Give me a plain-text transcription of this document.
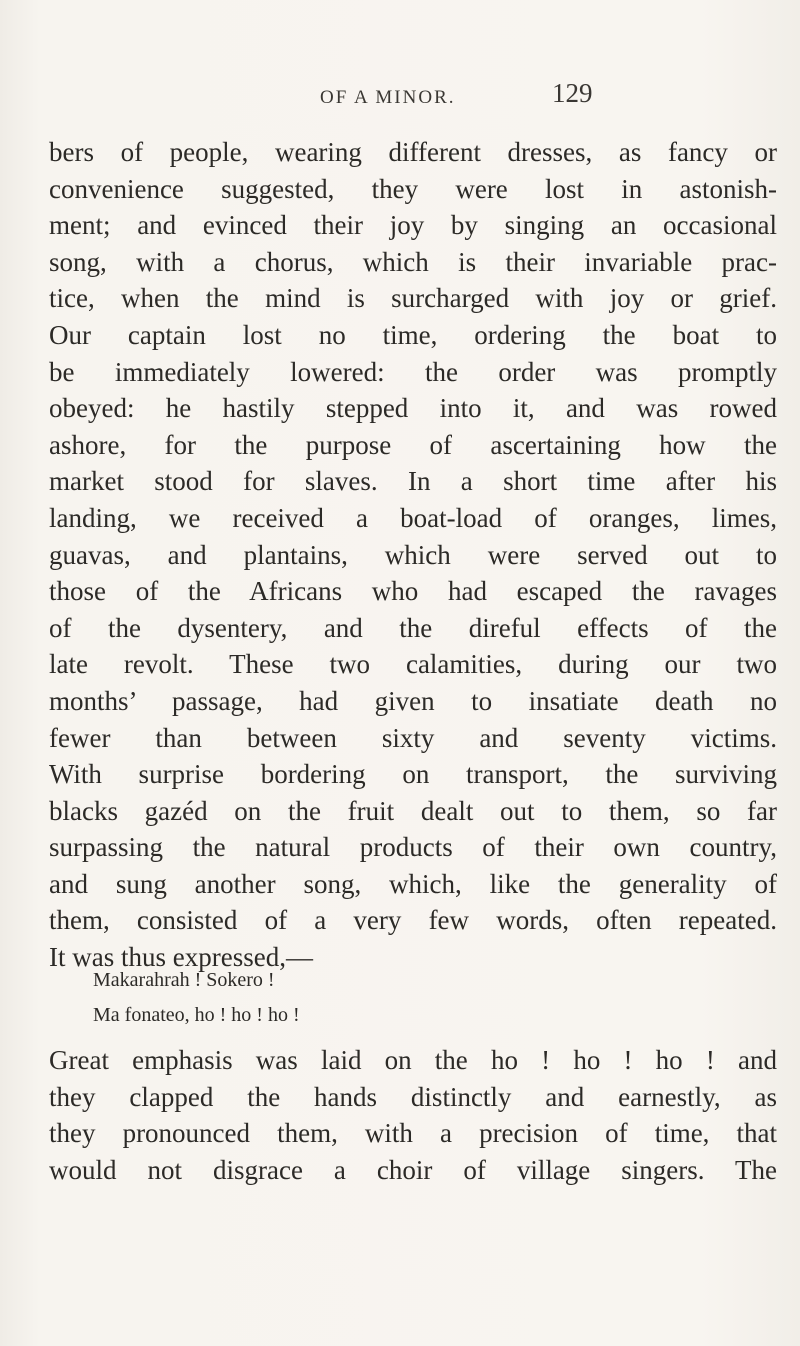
OF A MINOR.	129
bers of people, wearing different dresses, as fancy or
convenience suggested, they were lost in astonish-
ment; and evinced their joy by singing an occasional
song, with a chorus, which is their invariable prac-
tice, when the mind is surcharged with joy or grief.
Our captain lost no time, ordering the boat to
be immediately lowered: the order was promptly
obeyed: he hastily stepped into it, and was rowed
ashore, for the purpose of ascertaining how the
market stood for slaves. In a short time after his
landing, we received a boat-load of oranges, limes,
guavas, and plantains, which were served out to
those of the Africans who had escaped the ravages
of the dysentery, and the direful effects of the
late revolt. These two calamities, during our two
months’ passage, had given to insatiate death no
fewer than between sixty and seventy victims.
With surprise bordering on transport, the surviving
blacks gazéd on the fruit dealt out to them, so far
surpassing the natural products of their own country,
and sung another song, which, like the generality of
them, consisted of a very few words, often repeated.
It was thus expressed,—
Makarahrah ! Sokero !
Ma fonateo, ho ! ho ! ho !
Great emphasis was laid on the ho ! ho ! ho ! and
they clapped the hands distinctly and earnestly, as
they pronounced them, with a precision of time, that
would not disgrace a choir of village singers. The
